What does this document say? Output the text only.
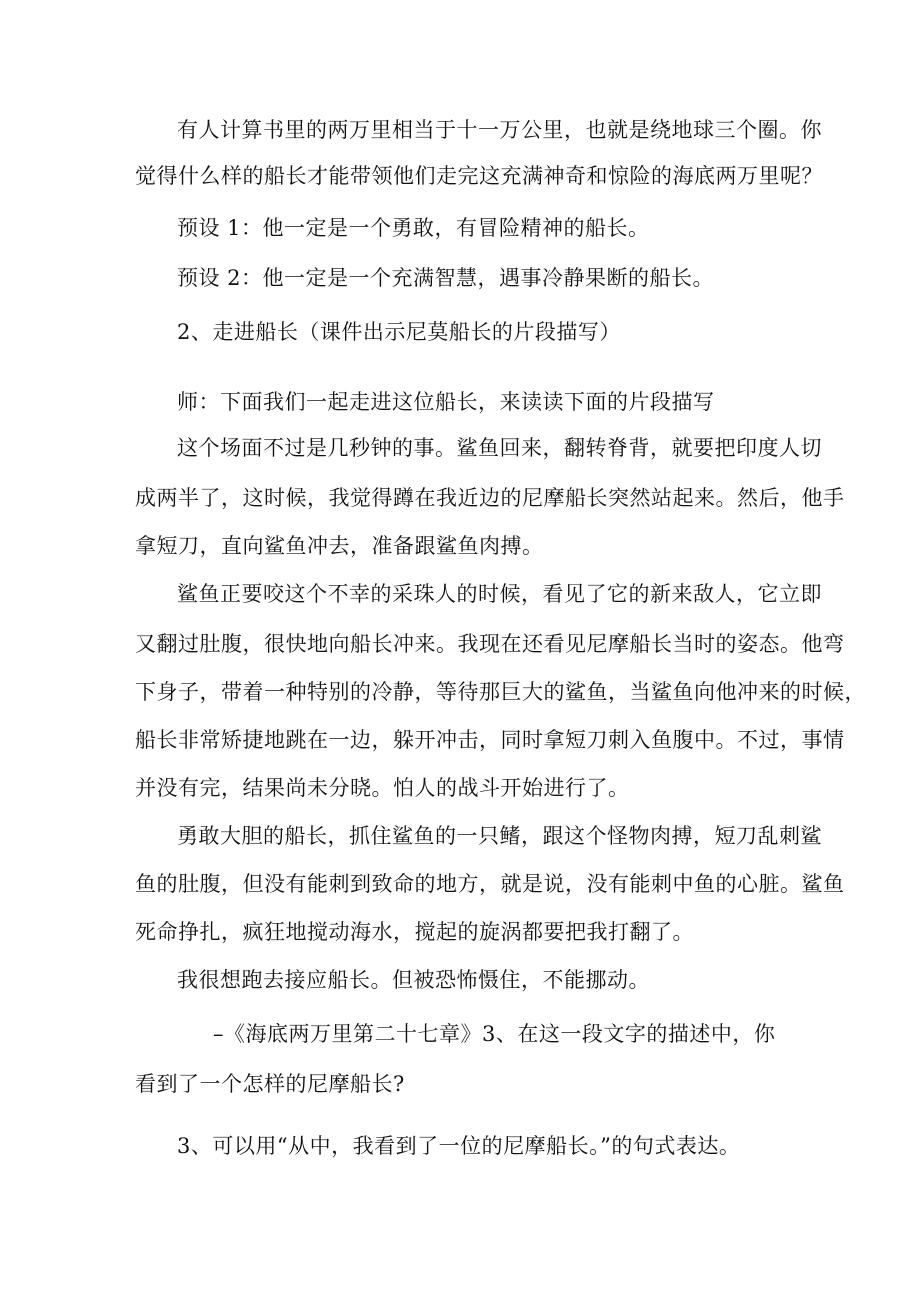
有人计算书里的两万里相当于十一万公里，也就是绕地球三个圈。你
觉得什么样的船长才能带领他们走完这充满神奇和惊险的海底两万里呢？
预设 1：他一定是一个勇敢，有冒险精神的船长。
预设 2：他一定是一个充满智慧，遇事冷静果断的船长。
2、走进船长（课件出示尼莫船长的片段描写）
师：下面我们一起走进这位船长，来读读下面的片段描写
这个场面不过是几秒钟的事。鲨鱼回来，翻转脊背，就要把印度人切
成两半了，这时候，我觉得蹲在我近边的尼摩船长突然站起来。然后，他手
拿短刀，直向鲨鱼冲去，准备跟鲨鱼肉搏。
鲨鱼正要咬这个不幸的采珠人的时候，看见了它的新来敌人，它立即
又翻过肚腹，很快地向船长冲来。我现在还看见尼摩船长当时的姿态。他弯
下身子，带着一种特别的冷静，等待那巨大的鲨鱼，当鲨鱼向他冲来的时候，
船长非常矫捷地跳在一边，躲开冲击，同时拿短刀刺入鱼腹中。不过，事情
并没有完，结果尚未分晓。怕人的战斗开始进行了。
勇敢大胆的船长，抓住鲨鱼的一只鳍，跟这个怪物肉搏，短刀乱刺鲨
鱼的肚腹，但没有能刺到致命的地方，就是说，没有能刺中鱼的心脏。鲨鱼
死命挣扎，疯狂地搅动海水，搅起的旋涡都要把我打翻了。
我很想跑去接应船长。但被恐怖慑住，不能挪动。
–《海底两万里第二十七章》3、在这一段文字的描述中，你
看到了一个怎样的尼摩船长?
3、可以用“从中，我看到了一位的尼摩船长。”的句式表达。
